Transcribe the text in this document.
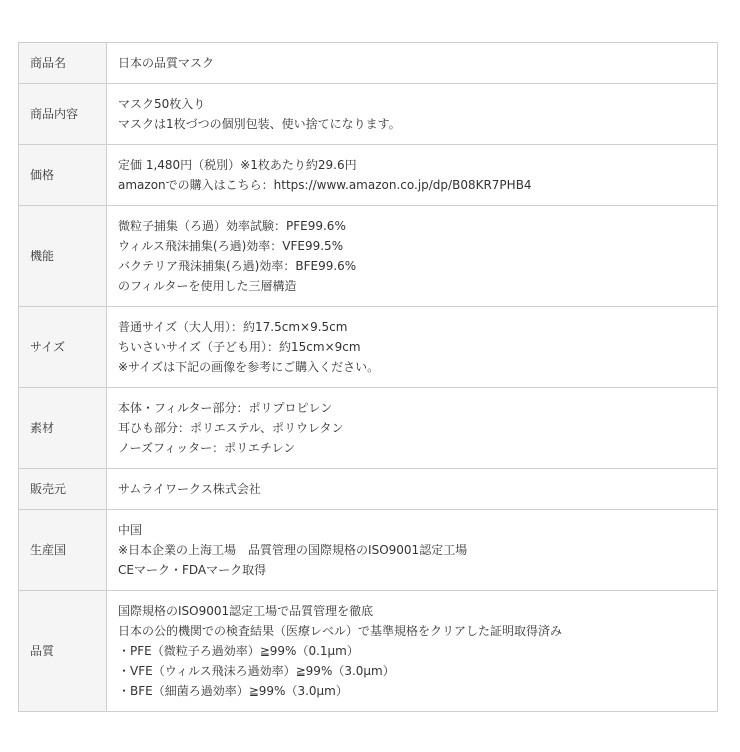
商品名	日本の品質マスク

商品内容	マスク50枚入り
マスクは1枚づつの個別包装、使い捨てになります。

価格	定価 1,480円（税別）※1枚あたり約29.6円
amazonでの購入はこちら：https://www.amazon.co.jp/dp/B08KR7PHB4

機能	微粒子捕集（ろ過）効率試験：PFE99.6%
ウィルス飛沫捕集(ろ過)効率：VFE99.5%
バクテリア飛沫捕集(ろ過)効率：BFE99.6%
のフィルターを使用した三層構造

サイズ	普通サイズ（大人用）：約17.5cm×9.5cm
ちいさいサイズ（子ども用）：約15cm×9cm
※サイズは下記の画像を参考にご購入ください。

素材	本体・フィルター部分：ポリプロピレン
耳ひも部分：ポリエステル、ポリウレタン
ノーズフィッター：ポリエチレン

販売元	サムライワークス株式会社

生産国	中国
※日本企業の上海工場　品質管理の国際規格のISO9001認定工場
CEマーク・FDAマーク取得

品質	国際規格のISO9001認定工場で品質管理を徹底
日本の公的機関での検査結果（医療レベル）で基準規格をクリアした証明取得済み
・PFE（微粒子ろ過効率）≧99%（0.1μm）
・VFE（ウィルス飛沫ろ過効率）≧99%（3.0μm）
・BFE（細菌ろ過効率）≧99%（3.0μm）
